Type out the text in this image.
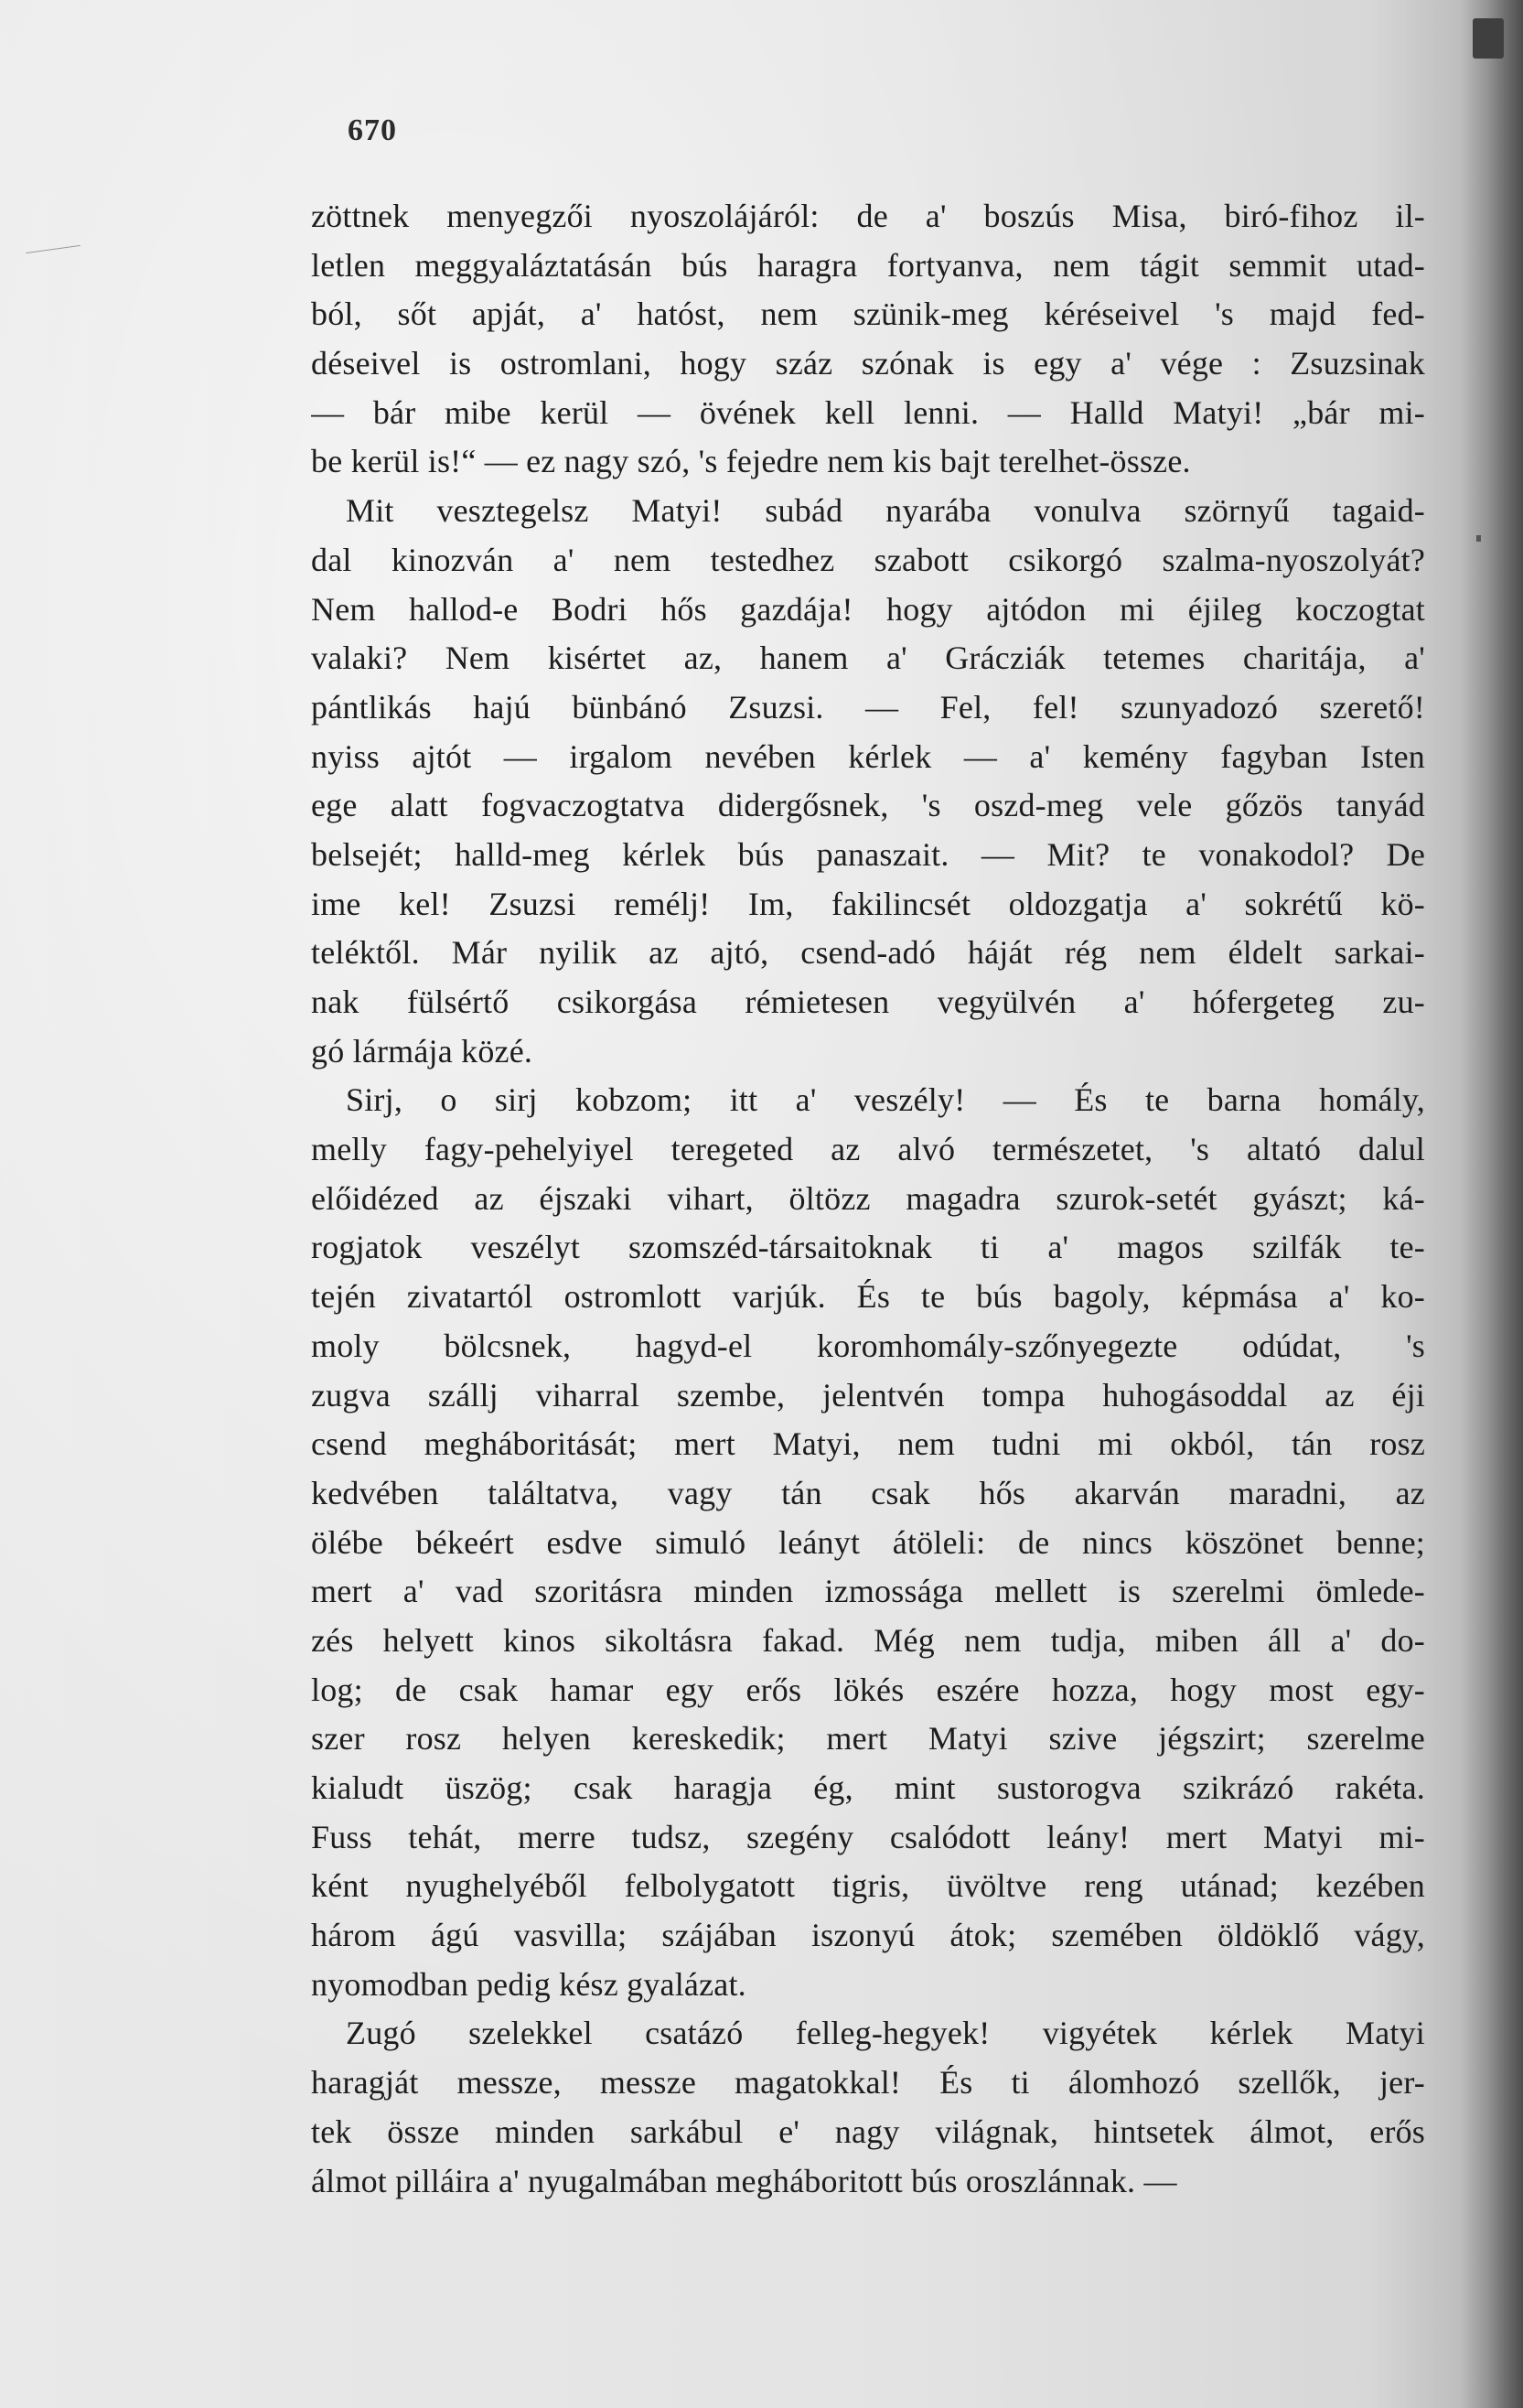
670
zöttnek menyegzői nyoszolájáról: de a' boszús Misa, biró-fihoz il-
letlen meggyaláztatásán bús haragra fortyanva, nem tágit semmit utad-
ból, sőt apját, a' hatóst, nem szünik-meg kéréseivel 's majd fed-
déseivel is ostromlani, hogy száz szónak is egy a' vége : Zsuzsinak
— bár mibe kerül — övének kell lenni. — Halld Matyi! „bár mi-
be kerül is!“ — ez nagy szó, 's fejedre nem kis bajt terelhet-össze.
Mit vesztegelsz Matyi! subád nyarába vonulva szörnyű tagaid-
dal kinozván a' nem testedhez szabott csikorgó szalma-nyoszolyát?
Nem hallod-e Bodri hős gazdája! hogy ajtódon mi éjileg koczogtat
valaki? Nem kisértet az, hanem a' Grácziák tetemes charitája, a'
pántlikás hajú bünbánó Zsuzsi. — Fel, fel! szunyadozó szerető!
nyiss ajtót — irgalom nevében kérlek — a' kemény fagyban Isten
ege alatt fogvaczogtatva didergősnek, 's oszd-meg vele gőzös tanyád
belsejét; halld-meg kérlek bús panaszait. — Mit? te vonakodol? De
ime kel! Zsuzsi remélj! Im, fakilincsét oldozgatja a' sokrétű kö-
teléktől. Már nyilik az ajtó, csend-adó háját rég nem éldelt sarkai-
nak fülsértő csikorgása rémietesen vegyülvén a' hófergeteg zu-
gó lármája közé.
Sirj, o sirj kobzom; itt a' veszély! — És te barna homály,
melly fagy-pehelyiyel teregeted az alvó természetet, 's altató dalul
előidézed az éjszaki vihart, öltözz magadra szurok-setét gyászt; ká-
rogjatok veszélyt szomszéd-társaitoknak ti a' magos szilfák te-
tején zivatartól ostromlott varjúk. És te bús bagoly, képmása a' ko-
moly bölcsnek, hagyd-el koromhomály-szőnyegezte odúdat, 's
zugva szállj viharral szembe, jelentvén tompa huhogásoddal az éji
csend megháboritását; mert Matyi, nem tudni mi okból, tán rosz
kedvében találtatva, vagy tán csak hős akarván maradni, az
ölébe békeért esdve simuló leányt átöleli: de nincs köszönet benne;
mert a' vad szoritásra minden izmossága mellett is szerelmi ömlede-
zés helyett kinos sikoltásra fakad. Még nem tudja, miben áll a' do-
log; de csak hamar egy erős lökés eszére hozza, hogy most egy-
szer rosz helyen kereskedik; mert Matyi szive jégszirt; szerelme
kialudt üszög; csak haragja ég, mint sustorogva szikrázó rakéta.
Fuss tehát, merre tudsz, szegény csalódott leány! mert Matyi mi-
ként nyughelyéből felbolygatott tigris, üvöltve reng utánad; kezében
három ágú vasvilla; szájában iszonyú átok; szemében öldöklő vágy,
nyomodban pedig kész gyalázat.
Zugó szelekkel csatázó felleg-hegyek! vigyétek kérlek Matyi
haragját messze, messze magatokkal! És ti álomhozó szellők, jer-
tek össze minden sarkábul e' nagy világnak, hintsetek álmot, erős
álmot pilláira a' nyugalmában megháboritott bús oroszlánnak. —
